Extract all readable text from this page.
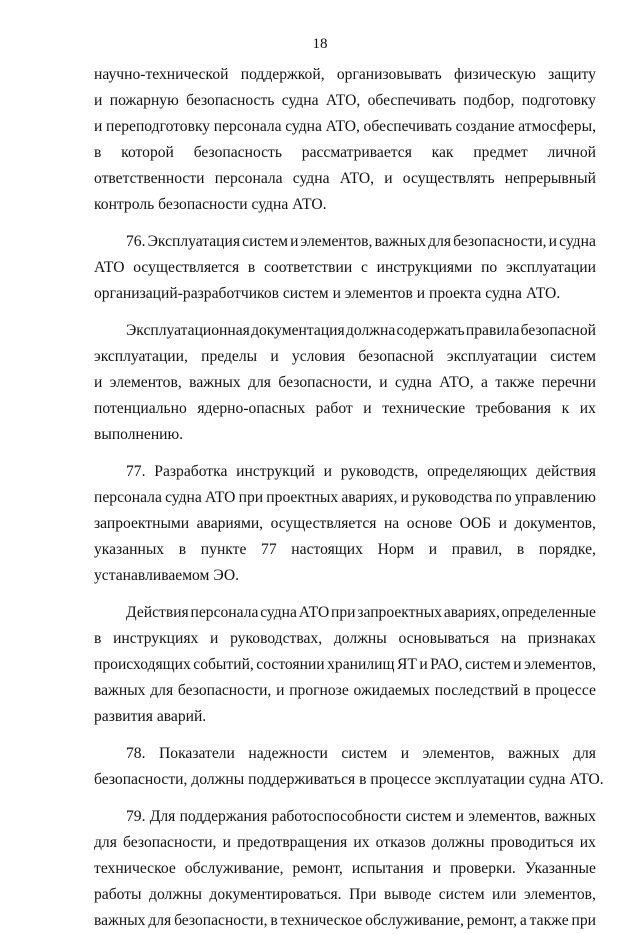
18
научно-технической поддержкой, организовывать физическую защиту
и пожарную безопасность судна АТО, обеспечивать подбор, подготовку
и переподготовку персонала судна АТО, обеспечивать создание атмосферы,
в которой безопасность рассматривается как предмет личной
ответственности персонала судна АТО, и осуществлять непрерывный
контроль безопасности судна АТО.
76. Эксплуатация систем и элементов, важных для безопасности, и судна
АТО осуществляется в соответствии с инструкциями по эксплуатации
организаций-разработчиков систем и элементов и проекта судна АТО.
Эксплуатационная документация должна содержать правила безопасной
эксплуатации, пределы и условия безопасной эксплуатации систем
и элементов, важных для безопасности, и судна АТО, а также перечни
потенциально ядерно-опасных работ и технические требования к их
выполнению.
77. Разработка инструкций и руководств, определяющих действия
персонала судна АТО при проектных авариях, и руководства по управлению
запроектными авариями, осуществляется на основе ООБ и документов,
указанных в пункте 77 настоящих Норм и правил, в порядке,
устанавливаемом ЭО.
Действия персонала судна АТО при запроектных авариях, определенные
в инструкциях и руководствах, должны основываться на признаках
происходящих событий, состоянии хранилищ ЯТ и РАО, систем и элементов,
важных для безопасности, и прогнозе ожидаемых последствий в процессе
развития аварий.
78. Показатели надежности систем и элементов, важных для
безопасности, должны поддерживаться в процессе эксплуатации судна АТО.
79. Для поддержания работоспособности систем и элементов, важных
для безопасности, и предотвращения их отказов должны проводиться их
техническое обслуживание, ремонт, испытания и проверки. Указанные
работы должны документироваться. При выводе систем или элементов,
важных для безопасности, в техническое обслуживание, ремонт, а также при
